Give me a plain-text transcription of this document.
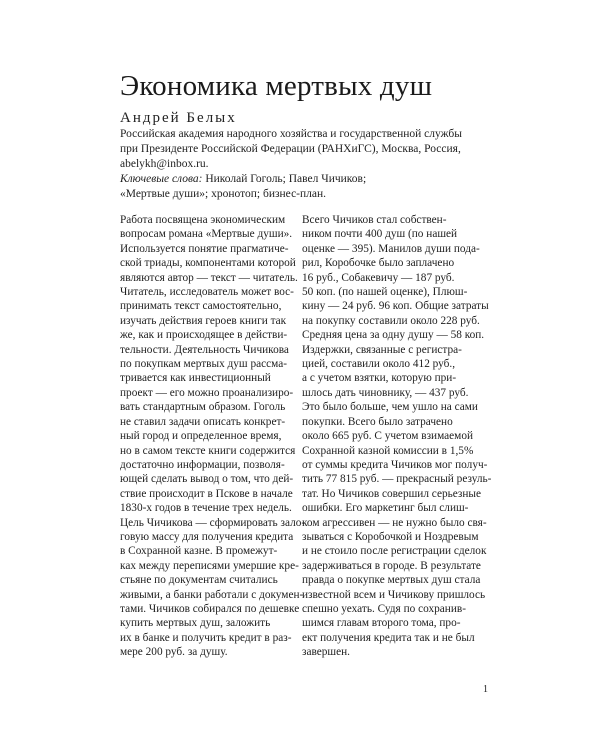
Экономика мертвых душ
Андрей Белых
Российская академия народного хозяйства и государственной службы
при Президенте Российской Федерации (РАНХиГС), Москва, Россия,
abelykh@inbox.ru.
Ключевые слова: Николай Гоголь; Павел Чичиков;
«Мертвые души»; хронотоп; бизнес-план.
Работа посвящена экономическим
вопросам романа «Мертвые души».
Используется понятие прагматиче-
ской триады, компонентами которой
являются автор — текст — читатель.
Читатель, исследователь может вос-
принимать текст самостоятельно,
изучать действия героев книги так
же, как и происходящее в действи-
тельности. Деятельность Чичикова
по покупкам мертвых душ рассма-
тривается как инвестиционный
проект — его можно проанализиро-
вать стандартным образом. Гоголь
не ставил задачи описать конкрет-
ный город и определенное время,
но в самом тексте книги содержится
достаточно информации, позволя-
ющей сделать вывод о том, что дей-
ствие происходит в Пскове в начале
1830-х годов в течение трех недель.
Цель Чичикова — сформировать зало-
говую массу для получения кредита
в Сохранной казне. В промежут-
ках между переписями умершие кре-
стьяне по документам считались
живыми, а банки работали с докумен-
тами. Чичиков собирался по дешевке
купить мертвых душ, заложить
их в банке и получить кредит в раз-
мере 200 руб. за душу.
Всего Чичиков стал собствен-
ником почти 400 душ (по нашей
оценке — 395). Манилов души пода-
рил, Коробочке было заплачено
16 руб., Собакевичу — 187 руб.
50 коп. (по нашей оценке), Плюш-
кину — 24 руб. 96 коп. Общие затраты
на покупку составили около 228 руб.
Средняя цена за одну душу — 58 коп.
Издержки, связанные с регистра-
цией, составили около 412 руб.,
а с учетом взятки, которую при-
шлось дать чиновнику, — 437 руб.
Это было больше, чем ушло на сами
покупки. Всего было затрачено
около 665 руб. С учетом взимаемой
Сохранной казной комиссии в 1,5%
от суммы кредита Чичиков мог получ-
тить 77 815 руб. — прекрасный резуль-
тат. Но Чичиков совершил серьезные
ошибки. Его маркетинг был слиш-
ком агрессивен — не нужно было свя-
зываться с Коробочкой и Ноздревым
и не стоило после регистрации сделок
задерживаться в городе. В результате
правда о покупке мертвых душ стала
известной всем и Чичикову пришлось
спешно уехать. Судя по сохранив-
шимся главам второго тома, про-
ект получения кредита так и не был
завершен.
1
